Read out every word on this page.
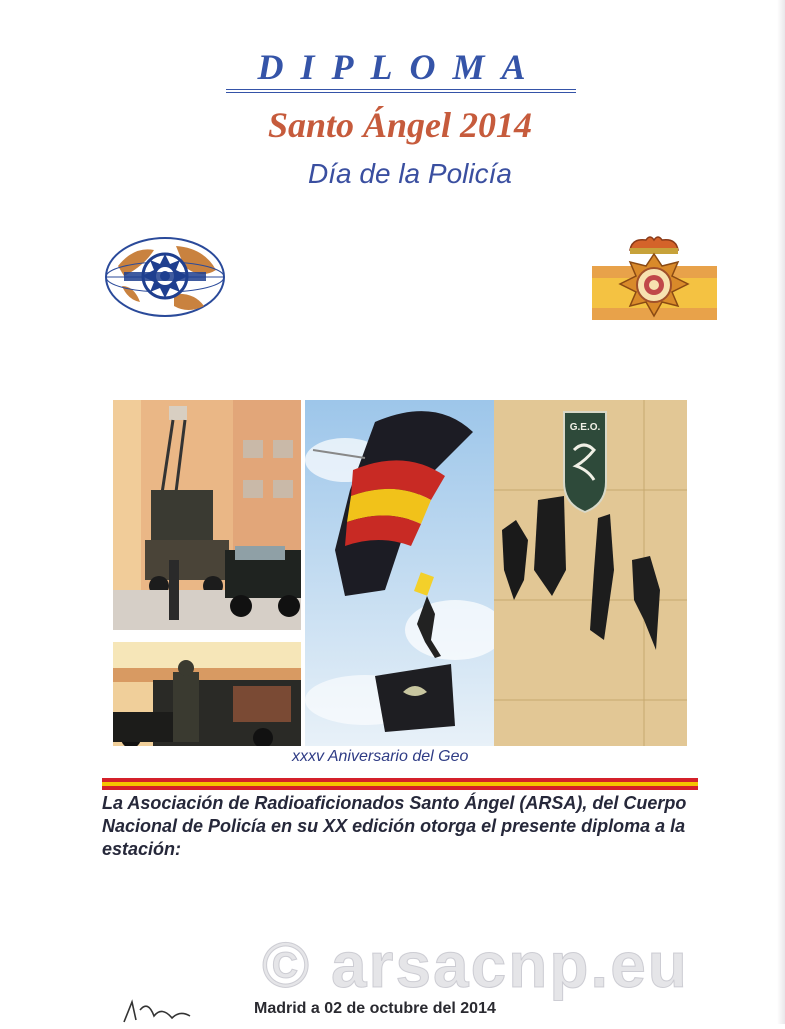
DIPLOMA
Santo Ángel 2014
Día de la Policía
G.E.O.
xxxv Aniversario del Geo
La Asociación de Radioaficionados Santo Ángel (ARSA), del Cuerpo Nacional de Policía en su XX edición otorga el presente diploma a la estación:
© arsacnp.eu
Madrid a 02 de octubre del 2014
